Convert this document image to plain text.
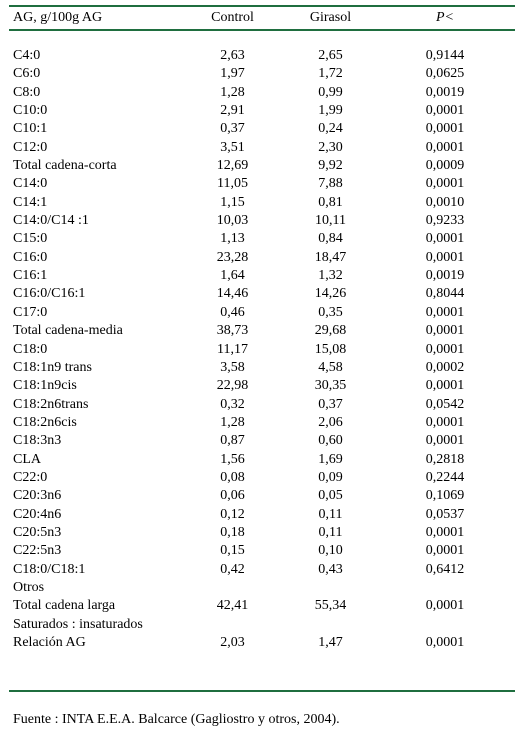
AG, g/100g AG	Control	Girasol	P<
C4:0	2,63	2,65	0,9144
C6:0	1,97	1,72	0,0625
C8:0	1,28	0,99	0,0019
C10:0	2,91	1,99	0,0001
C10:1	0,37	0,24	0,0001
C12:0	3,51	2,30	0,0001
Total cadena-corta	12,69	9,92	0,0009
C14:0	11,05	7,88	0,0001
C14:1	1,15	0,81	0,0010
C14:0/C14 :1	10,03	10,11	0,9233
C15:0	1,13	0,84	0,0001
C16:0	23,28	18,47	0,0001
C16:1	1,64	1,32	0,0019
C16:0/C16:1	14,46	14,26	0,8044
C17:0	0,46	0,35	0,0001
Total cadena-media	38,73	29,68	0,0001
C18:0	11,17	15,08	0,0001
C18:1n9 trans	3,58	4,58	0,0002
C18:1n9cis	22,98	30,35	0,0001
C18:2n6trans	0,32	0,37	0,0542
C18:2n6cis	1,28	2,06	0,0001
C18:3n3	0,87	0,60	0,0001
CLA	1,56	1,69	0,2818
C22:0	0,08	0,09	0,2244
C20:3n6	0,06	0,05	0,1069
C20:4n6	0,12	0,11	0,0537
C20:5n3	0,18	0,11	0,0001
C22:5n3	0,15	0,10	0,0001
C18:0/C18:1	0,42	0,43	0,6412
Otros
Total cadena larga	42,41	55,34	0,0001
Saturados : insaturados
Relación AG	2,03	1,47	0,0001
Fuente : INTA E.E.A. Balcarce (Gagliostro y otros, 2004).
